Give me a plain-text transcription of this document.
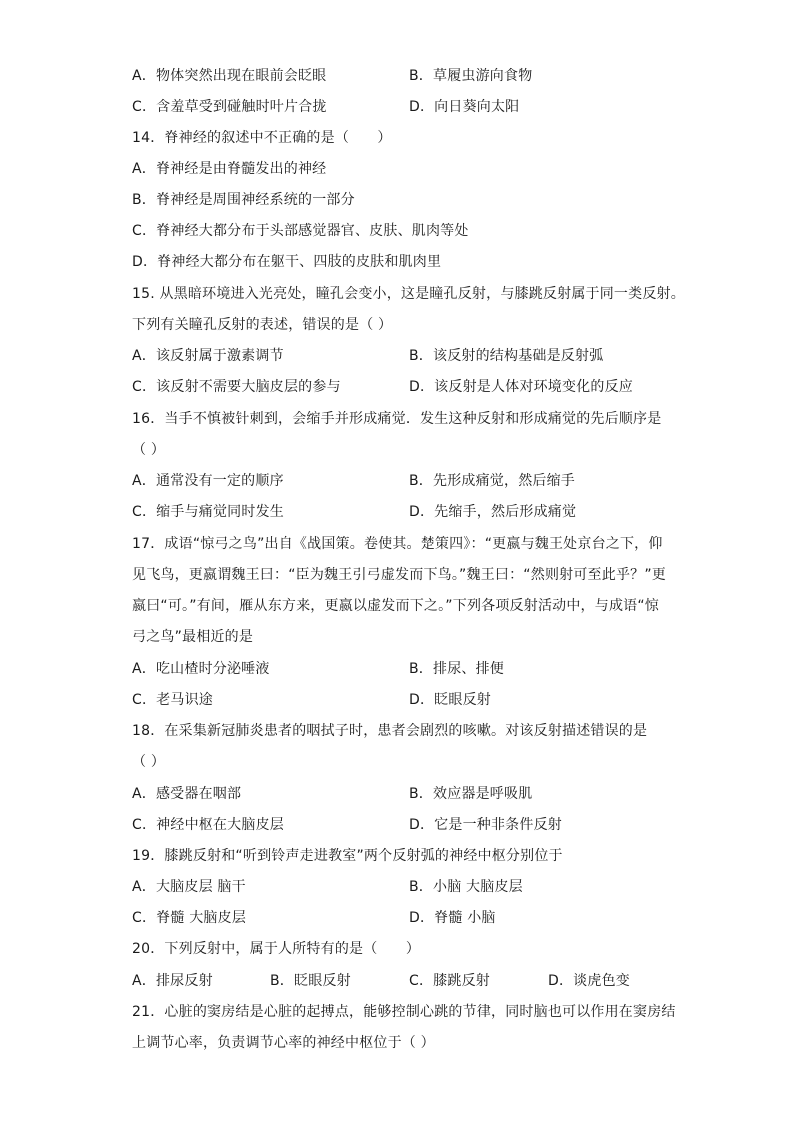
A．物体突然出现在眼前会眨眼	B．草履虫游向食物
C．含羞草受到碰触时叶片合拢	D．向日葵向太阳
14．脊神经的叙述中不正确的是（　　）
A．脊神经是由脊髓发出的神经
B．脊神经是周围神经系统的一部分
C．脊神经大都分布于头部感觉器官、皮肤、肌肉等处
D．脊神经大都分布在躯干、四肢的皮肤和肌肉里
15. 从黑暗环境进入光亮处，瞳孔会变小，这是瞳孔反射，与膝跳反射属于同一类反射。
下列有关瞳孔反射的表述，错误的是（ ）
A．该反射属于激素调节	B．该反射的结构基础是反射弧
C．该反射不需要大脑皮层的参与	D．该反射是人体对环境变化的反应
16．当手不慎被针刺到，会缩手并形成痛觉．发生这种反射和形成痛觉的先后顺序是
（ ）
A．通常没有一定的顺序	B．先形成痛觉，然后缩手
C．缩手与痛觉同时发生	D．先缩手，然后形成痛觉
17．成语“惊弓之鸟”出自《战国策。卷使其。楚策四》：“更嬴与魏王处京台之下，仰
见飞鸟，更嬴谓魏王曰：“臣为魏王引弓虚发而下鸟。”魏王曰：“然则射可至此乎？”更
嬴曰“可。”有间，雁从东方来，更嬴以虚发而下之。”下列各项反射活动中，与成语“惊
弓之鸟”最相近的是
A．吃山楂时分泌唾液	B．排尿、排便
C．老马识途	D．眨眼反射
18．在采集新冠肺炎患者的咽拭子时，患者会剧烈的咳嗽。对该反射描述错误的是
（ ）
A．感受器在咽部	B．效应器是呼吸肌
C．神经中枢在大脑皮层	D．它是一种非条件反射
19．膝跳反射和“听到铃声走进教室”两个反射弧的神经中枢分别位于
A．大脑皮层 脑干	B．小脑 大脑皮层
C．脊髓 大脑皮层	D．脊髓 小脑
20．下列反射中，属于人所特有的是（　　）
A．排尿反射	B．眨眼反射	C．膝跳反射	D．谈虎色变
21．心脏的窦房结是心脏的起搏点，能够控制心跳的节律，同时脑也可以作用在窦房结
上调节心率，负责调节心率的神经中枢位于（ ）
